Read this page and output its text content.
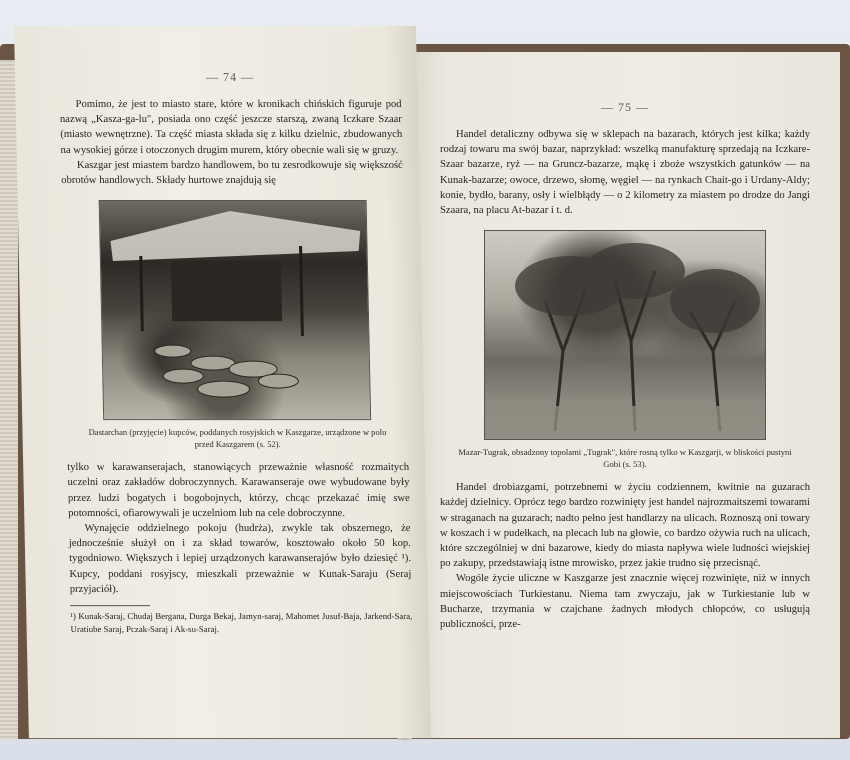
— 75 —

Handel detaliczny odbywa się w sklepach na bazarach, których jest kilka; każdy rodzaj towaru ma swój bazar, naprzykład: wszelką manufakturę sprzedają na Iczkare-Szaar bazarze, ryż — na Gruncz-bazarze, mąkę i zboże wszystkich gatunków — na Kunak-bazarze; owoce, drzewo, słomę, węgiel — na rynkach Chait-go i Urdany-Aldy; konie, bydło, barany, osły i wielbłądy — o 2 kilometry za miastem po drodze do Jangi Szaara, na placu At-bazar i t. d.

Mazar-Tugrak, obsadzony topolami „Tugrak", które rosną tylko w Kaszgarji, w bliskości pustyni Gobi (s. 53).

Handel drobiazgami, potrzebnemi w życiu codziennem, kwitnie na guzarach każdej dzielnicy. Oprócz tego bardzo rozwinięty jest handel najrozmaitszemi towarami w straganach na guzarach; nadto pełno jest handlarzy na ulicach. Roznoszą oni towary w koszach i w pudełkach, na plecach lub na głowie, co bardzo ożywia ruch na ulicach, które szczególniej w dni bazarowe, kiedy do miasta napływa wiele ludności wiejskiej po zakupy, przedstawiają istne mrowisko, przez jakie trudno się przecisnąć.

Wogóle życie uliczne w Kaszgarze jest znacznie więcej rozwinięte, niż w innych miejscowościach Turkiestanu. Niema tam zwyczaju, jak w Turkiestanie lub w Bucharze, trzymania w czajchane żadnych młodych chłopców, co usługują publiczności, prze-

— 74 —

Pomimo, że jest to miasto stare, które w kronikach chińskich figuruje pod nazwą „Kasza-ga-lu", posiada ono część jeszcze starszą, zwaną Iczkare Szaar (miasto wewnętrzne). Ta część miasta składa się z kilku dzielnic, zbudowanych na wysokiej górze i otoczonych drugim murem, który obecnie wali się w gruzy.

Kaszgar jest miastem bardzo handlowem, bo tu zesrodkowuje się większość obrotów handlowych. Składy hurtowe znajdują się

Dastarchan (przyjęcie) kupców, poddanych rosyjskich w Kaszgarze, urządzone w polu przed Kaszgarem (s. 52).

tylko w karawanserajach, stanowiących przeważnie własność rozmaitych uczelni oraz zakładów dobroczynnych. Karawanseraje owe wybudowane były przez ludzi bogatych i bogobojnych, którzy, chcąc przekazać imię swe potomności, ofiarowywali je uczelniom lub na cele dobroczynne.

Wynajęcie oddzielnego pokoju (hudrża), zwykle tak obszernego, że jednocześnie służył on i za skład towarów, kosztowało około 50 kop. tygodniowo. Większych i lepiej urządzonych karawanserajów było dziesięć ¹). Kupcy, poddani rosyjscy, mieszkali przeważnie w Kunak-Saraju (Seraj przyjaciół).

¹) Kunak-Saraj, Chudaj Bergana, Durga Bekaj, Jamyn-saraj, Mahomet Jusuf-Baja, Jarkend-Sara, Uratiube Saraj, Pczak-Saraj i Ak-su-Saraj.
